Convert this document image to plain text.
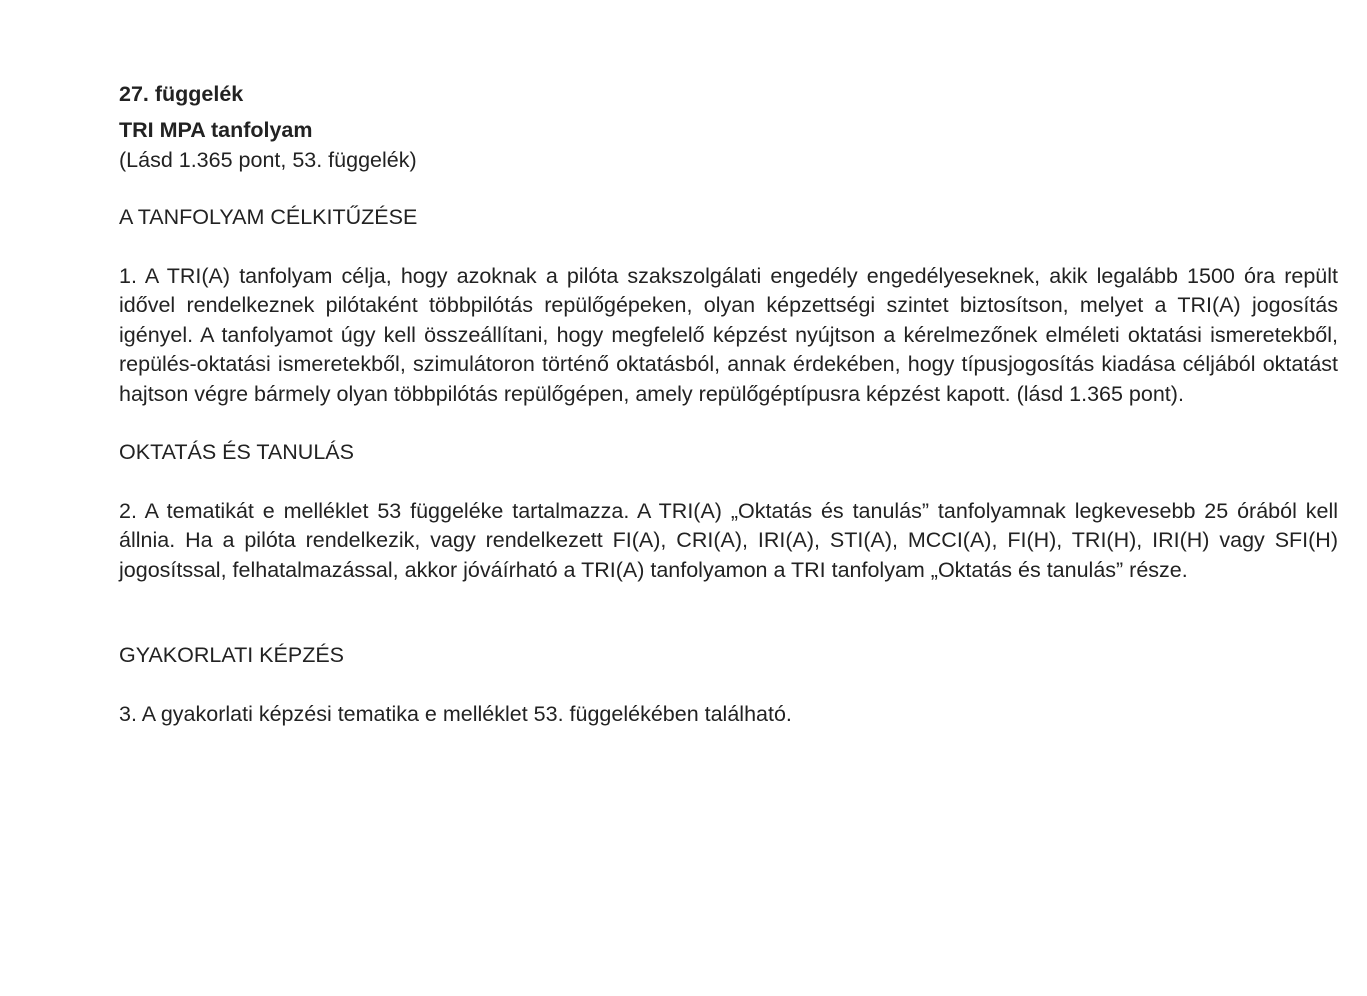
27. függelék

TRI MPA tanfolyam

(Lásd 1.365 pont, 53. függelék)

A TANFOLYAM CÉLKITŰZÉSE

1. A TRI(A) tanfolyam célja, hogy azoknak a pilóta szakszolgálati engedély engedélyeseknek, akik legalább 1500 óra repült idővel rendelkeznek pilótaként többpilótás repülőgépeken, olyan képzettségi szintet biztosítson, melyet a TRI(A) jogosítás igényel. A tanfolyamot úgy kell összeállítani, hogy megfelelő képzést nyújtson a kérelmezőnek elméleti oktatási ismeretekből, repülés-oktatási ismeretekből, szimulátoron történő oktatásból, annak érdekében, hogy típusjogosítás kiadása céljából oktatást hajtson végre bármely olyan többpilótás repülőgépen, amely repülőgéptípusra képzést kapott. (lásd 1.365 pont).

OKTATÁS ÉS TANULÁS

2. A tematikát e melléklet 53 függeléke tartalmazza. A TRI(A) „Oktatás és tanulás” tanfolyamnak legkevesebb 25 órából kell állnia. Ha a pilóta rendelkezik, vagy rendelkezett FI(A), CRI(A), IRI(A), STI(A), MCCI(A), FI(H), TRI(H), IRI(H) vagy SFI(H) jogosítssal, felhatalmazással, akkor jóváírható a TRI(A) tanfolyamon a TRI tanfolyam „Oktatás és tanulás” része.

GYAKORLATI KÉPZÉS

3. A gyakorlati képzési tematika e melléklet 53. függelékében található.
